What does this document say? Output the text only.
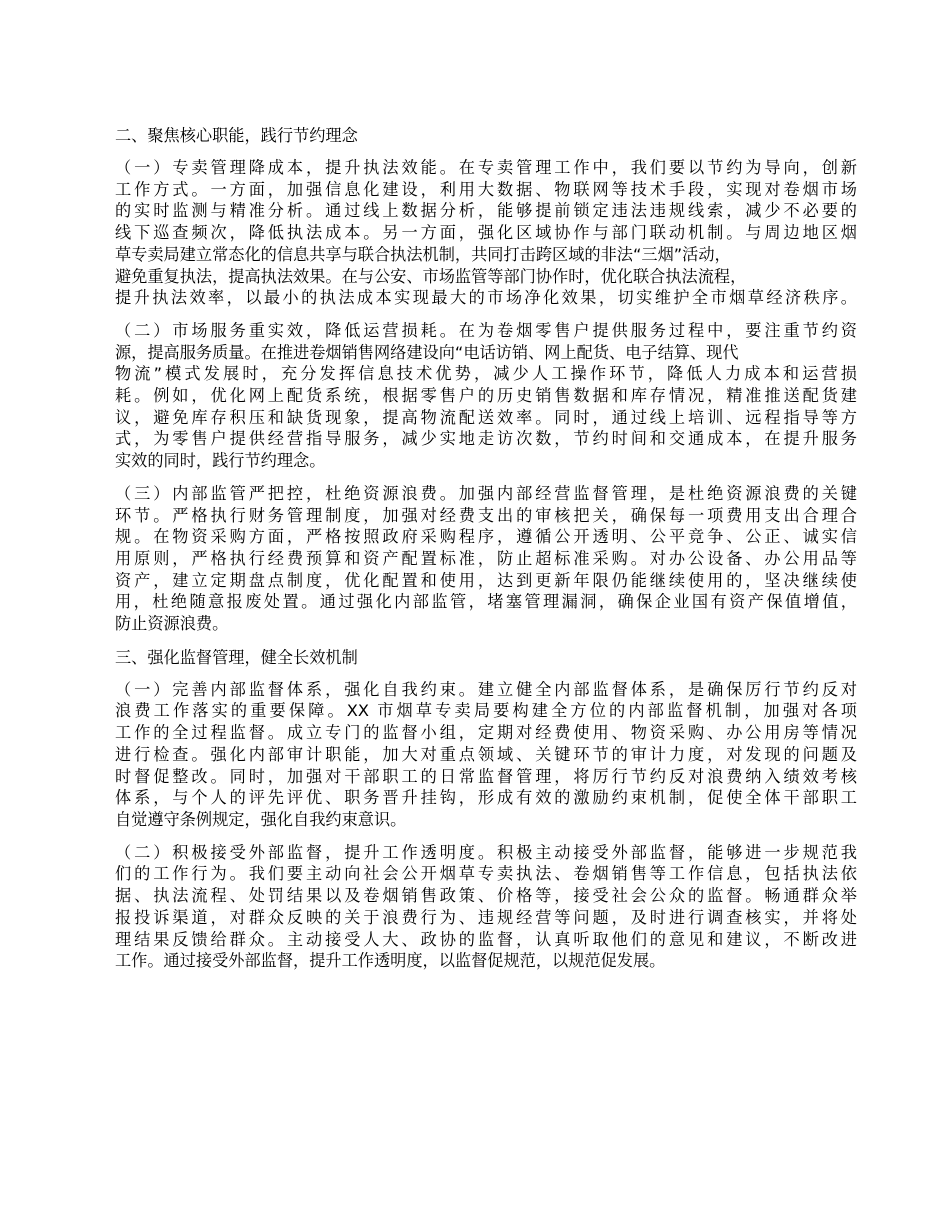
二、聚焦核心职能，践行节约理念
（一）专卖管理降成本，提升执法效能。在专卖管理工作中，我们要以节约为导向，创新
工作方式。一方面，加强信息化建设，利用大数据、物联网等技术手段，实现对卷烟市场
的实时监测与精准分析。通过线上数据分析，能够提前锁定违法违规线索，减少不必要的
线下巡查频次，降低执法成本。另一方面，强化区域协作与部门联动机制。与周边地区烟
草专卖局建立常态化的信息共享与联合执法机制，共同打击跨区域的非法“三烟”活动，
避免重复执法，提高执法效果。在与公安、市场监管等部门协作时，优化联合执法流程，
提升执法效率，以最小的执法成本实现最大的市场净化效果，切实维护全市烟草经济秩序。
（二）市场服务重实效，降低运营损耗。在为卷烟零售户提供服务过程中，要注重节约资
源，提高服务质量。在推进卷烟销售网络建设向“电话访销、网上配货、电子结算、现代
物流”模式发展时，充分发挥信息技术优势，减少人工操作环节，降低人力成本和运营损
耗。例如，优化网上配货系统，根据零售户的历史销售数据和库存情况，精准推送配货建
议，避免库存积压和缺货现象，提高物流配送效率。同时，通过线上培训、远程指导等方
式，为零售户提供经营指导服务，减少实地走访次数，节约时间和交通成本，在提升服务
实效的同时，践行节约理念。
（三）内部监管严把控，杜绝资源浪费。加强内部经营监督管理，是杜绝资源浪费的关键
环节。严格执行财务管理制度，加强对经费支出的审核把关，确保每一项费用支出合理合
规。在物资采购方面，严格按照政府采购程序，遵循公开透明、公平竞争、公正、诚实信
用原则，严格执行经费预算和资产配置标准，防止超标准采购。对办公设备、办公用品等
资产，建立定期盘点制度，优化配置和使用，达到更新年限仍能继续使用的，坚决继续使
用，杜绝随意报废处置。通过强化内部监管，堵塞管理漏洞，确保企业国有资产保值增值，
防止资源浪费。
三、强化监督管理，健全长效机制
（一）完善内部监督体系，强化自我约束。建立健全内部监督体系，是确保厉行节约反对
浪费工作落实的重要保障。XX 市烟草专卖局要构建全方位的内部监督机制，加强对各项
工作的全过程监督。成立专门的监督小组，定期对经费使用、物资采购、办公用房等情况
进行检查。强化内部审计职能，加大对重点领域、关键环节的审计力度，对发现的问题及
时督促整改。同时，加强对干部职工的日常监督管理，将厉行节约反对浪费纳入绩效考核
体系，与个人的评先评优、职务晋升挂钩，形成有效的激励约束机制，促使全体干部职工
自觉遵守条例规定，强化自我约束意识。
（二）积极接受外部监督，提升工作透明度。积极主动接受外部监督，能够进一步规范我
们的工作行为。我们要主动向社会公开烟草专卖执法、卷烟销售等工作信息，包括执法依
据、执法流程、处罚结果以及卷烟销售政策、价格等，接受社会公众的监督。畅通群众举
报投诉渠道，对群众反映的关于浪费行为、违规经营等问题，及时进行调查核实，并将处
理结果反馈给群众。主动接受人大、政协的监督，认真听取他们的意见和建议，不断改进
工作。通过接受外部监督，提升工作透明度，以监督促规范，以规范促发展。
